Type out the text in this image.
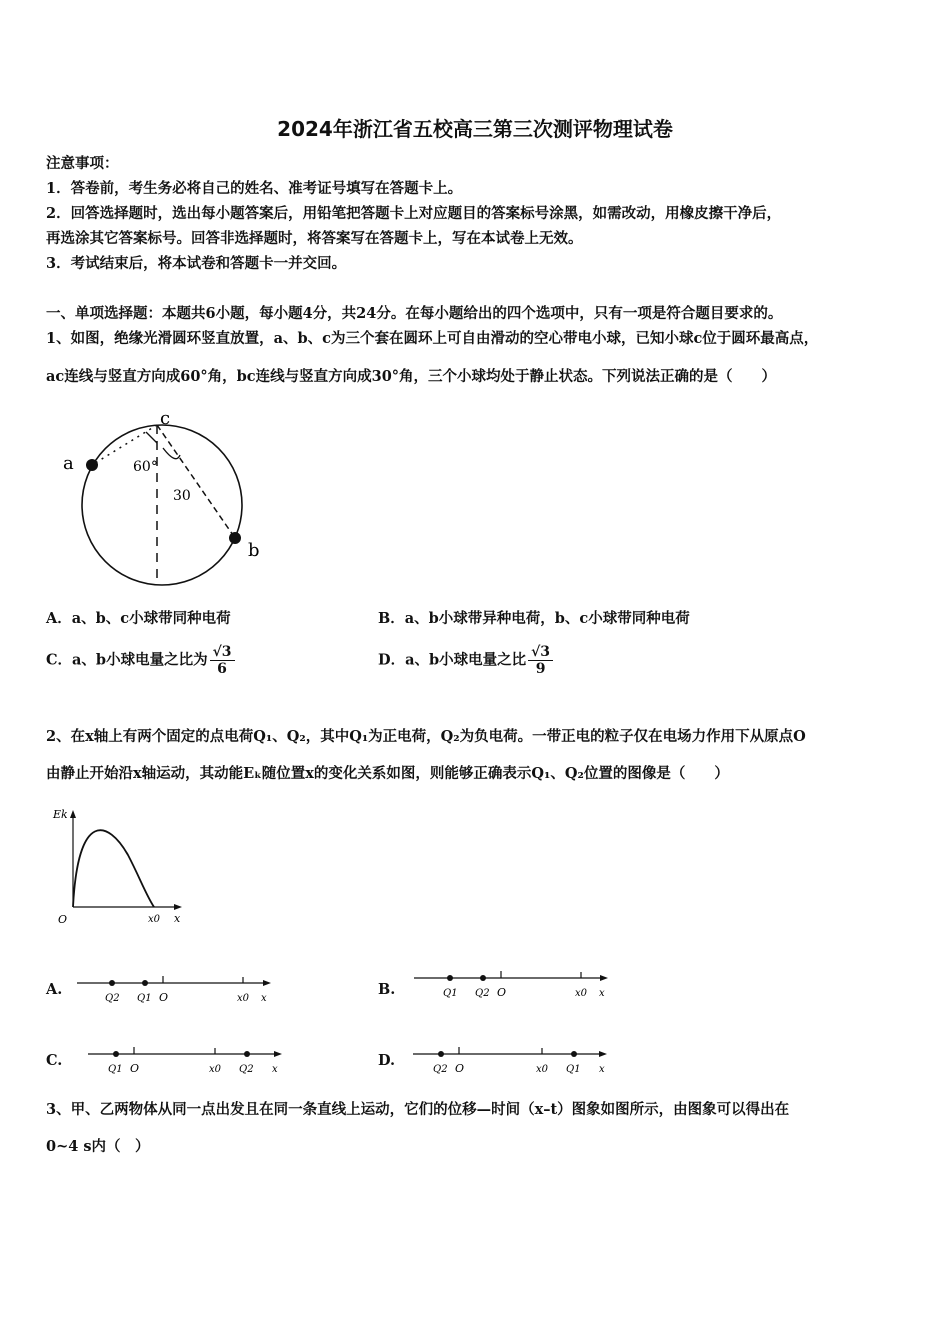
2024年浙江省五校高三第三次测评物理试卷
注意事项：
1．答卷前，考生务必将自己的姓名、准考证号填写在答题卡上。
2．回答选择题时，选出每小题答案后，用铅笔把答题卡上对应题目的答案标号涂黑，如需改动，用橡皮擦干净后，
再选涂其它答案标号。回答非选择题时，将答案写在答题卡上，写在本试卷上无效。
3．考试结束后，将本试卷和答题卡一并交回。
一、单项选择题：本题共6小题，每小题4分，共24分。在每小题给出的四个选项中，只有一项是符合题目要求的。
1、如图，绝缘光滑圆环竖直放置，a、b、c为三个套在圆环上可自由滑动的空心带电小球，已知小球c位于圆环最高点，
ac连线与竖直方向成60°角，bc连线与竖直方向成30°角，三个小球均处于静止状态。下列说法正确的是（　　）
a
b
c
60°
30
A．a、b、c小球带同种电荷	B．a、b小球带异种电荷，b、c小球带同种电荷
C．a、b小球电量之比为 $\frac{√3}{6}$	D．a、b小球电量之比 $\frac{√3}{9}$
2、在x轴上有两个固定的点电荷Q₁、Q₂，其中Q₁为正电荷，Q₂为负电荷。一带正电的粒子仅在电场力作用下从原点O
由静止开始沿x轴运动，其动能Eₖ随位置x的变化关系如图，则能够正确表示Q₁、Q₂位置的图像是（　　）
Ek
O	x0 x
A.
Q2 Q1 O	x0 x
B.	Q1 Q2 O	x0 x
C.
Q1 O	x0 Q2 x
D.
Q2 O	x0 Q1 x
3、甲、乙两物体从同一点出发且在同一条直线上运动，它们的位移—时间（x–t）图象如图所示，由图象可以得出在
0~4 s内（　）
